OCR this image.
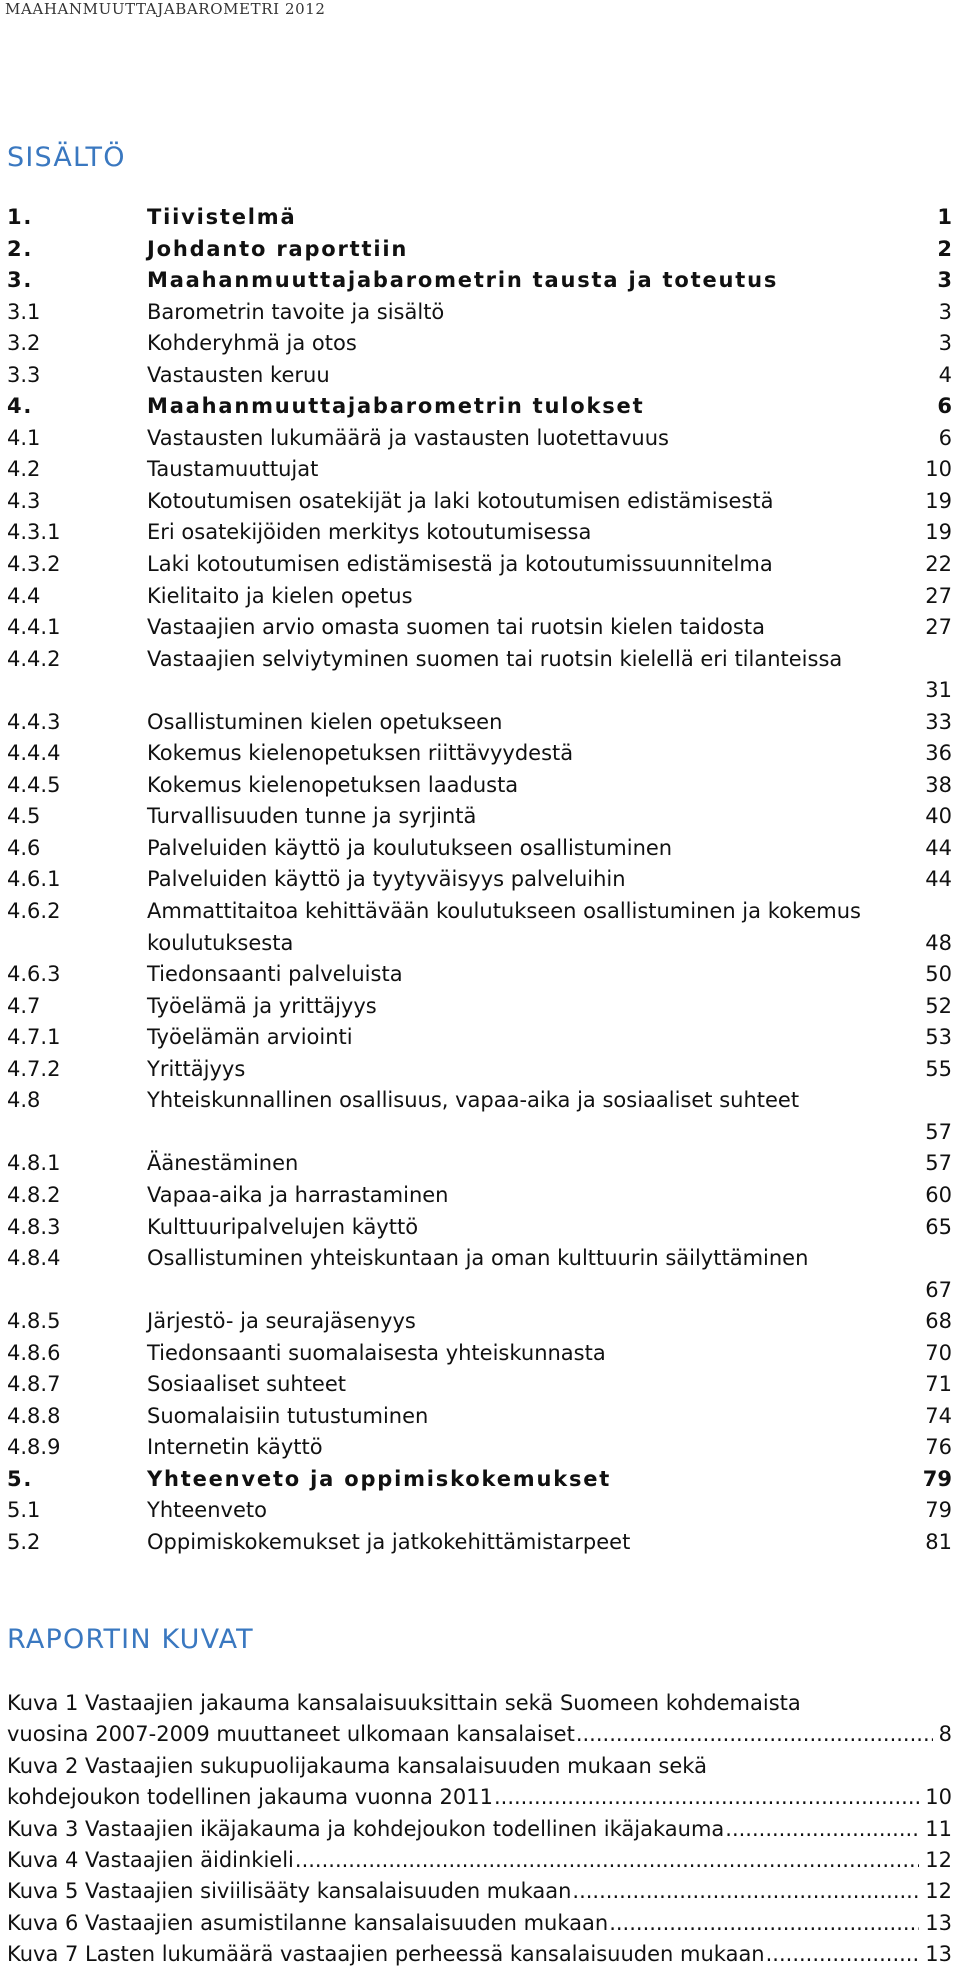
MAAHANMUUTTAJABAROMETRI 2012

SISÄLTÖ
1.	Tiivistelmä	1
2.	Johdanto raporttiin	2
3.	Maahanmuuttajabarometrin tausta ja toteutus	3
3.1	Barometrin tavoite ja sisältö	3
3.2	Kohderyhmä ja otos	3
3.3	Vastausten keruu	4
4.	Maahanmuuttajabarometrin tulokset	6
4.1	Vastausten lukumäärä ja vastausten luotettavuus	6
4.2	Taustamuuttujat	10
4.3	Kotoutumisen osatekijät ja laki kotoutumisen edistämisestä	19
4.3.1	Eri osatekijöiden merkitys kotoutumisessa	19
4.3.2	Laki kotoutumisen edistämisestä ja kotoutumissuunnitelma	22
4.4	Kielitaito ja kielen opetus	27
4.4.1	Vastaajien arvio omasta suomen tai ruotsin kielen taidosta	27
4.4.2	Vastaajien selviytyminen suomen tai ruotsin kielellä eri tilanteissa
31
4.4.3	Osallistuminen kielen opetukseen	33
4.4.4	Kokemus kielenopetuksen riittävyydestä	36
4.4.5	Kokemus kielenopetuksen laadusta	38
4.5	Turvallisuuden tunne ja syrjintä	40
4.6	Palveluiden käyttö ja koulutukseen osallistuminen	44
4.6.1	Palveluiden käyttö ja tyytyväisyys palveluihin	44
4.6.2	Ammattitaitoa kehittävään koulutukseen osallistuminen ja kokemus koulutuksesta	48
4.6.3	Tiedonsaanti palveluista	50
4.7	Työelämä ja yrittäjyys	52
4.7.1	Työelämän arviointi	53
4.7.2	Yrittäjyys	55
4.8	Yhteiskunnallinen osallisuus, vapaa-aika ja sosiaaliset suhteet
57
4.8.1	Äänestäminen	57
4.8.2	Vapaa-aika ja harrastaminen	60
4.8.3	Kulttuuripalvelujen käyttö	65
4.8.4	Osallistuminen yhteiskuntaan ja oman kulttuurin säilyttäminen
67
4.8.5	Järjestö- ja seurajäsenyys	68
4.8.6	Tiedonsaanti suomalaisesta yhteiskunnasta	70
4.8.7	Sosiaaliset suhteet	71
4.8.8	Suomalaisiin tutustuminen	74
4.8.9	Internetin käyttö	76
5.	Yhteenveto ja oppimiskokemukset	79
5.1	Yhteenveto	79
5.2	Oppimiskokemukset ja jatkokehittämistarpeet	81
RAPORTIN KUVAT
Kuva 1 Vastaajien jakauma kansalaisuuksittain sekä Suomeen kohdemaista
vuosina 2007-2009 muuttaneet ulkomaan kansalaiset .....	8
Kuva 2 Vastaajien sukupuolijakauma kansalaisuuden mukaan sekä
kohdejoukon todellinen jakauma vuonna 2011 .....	10
Kuva 3 Vastaajien ikäjakauma ja kohdejoukon todellinen ikäjakauma .....	11
Kuva 4 Vastaajien äidinkieli .....	12
Kuva 5 Vastaajien siviilisääty kansalaisuuden mukaan .....	12
Kuva 6 Vastaajien asumistilanne kansalaisuuden mukaan .....	13
Kuva 7 Lasten lukumäärä vastaajien perheessä kansalaisuuden mukaan .....	13
